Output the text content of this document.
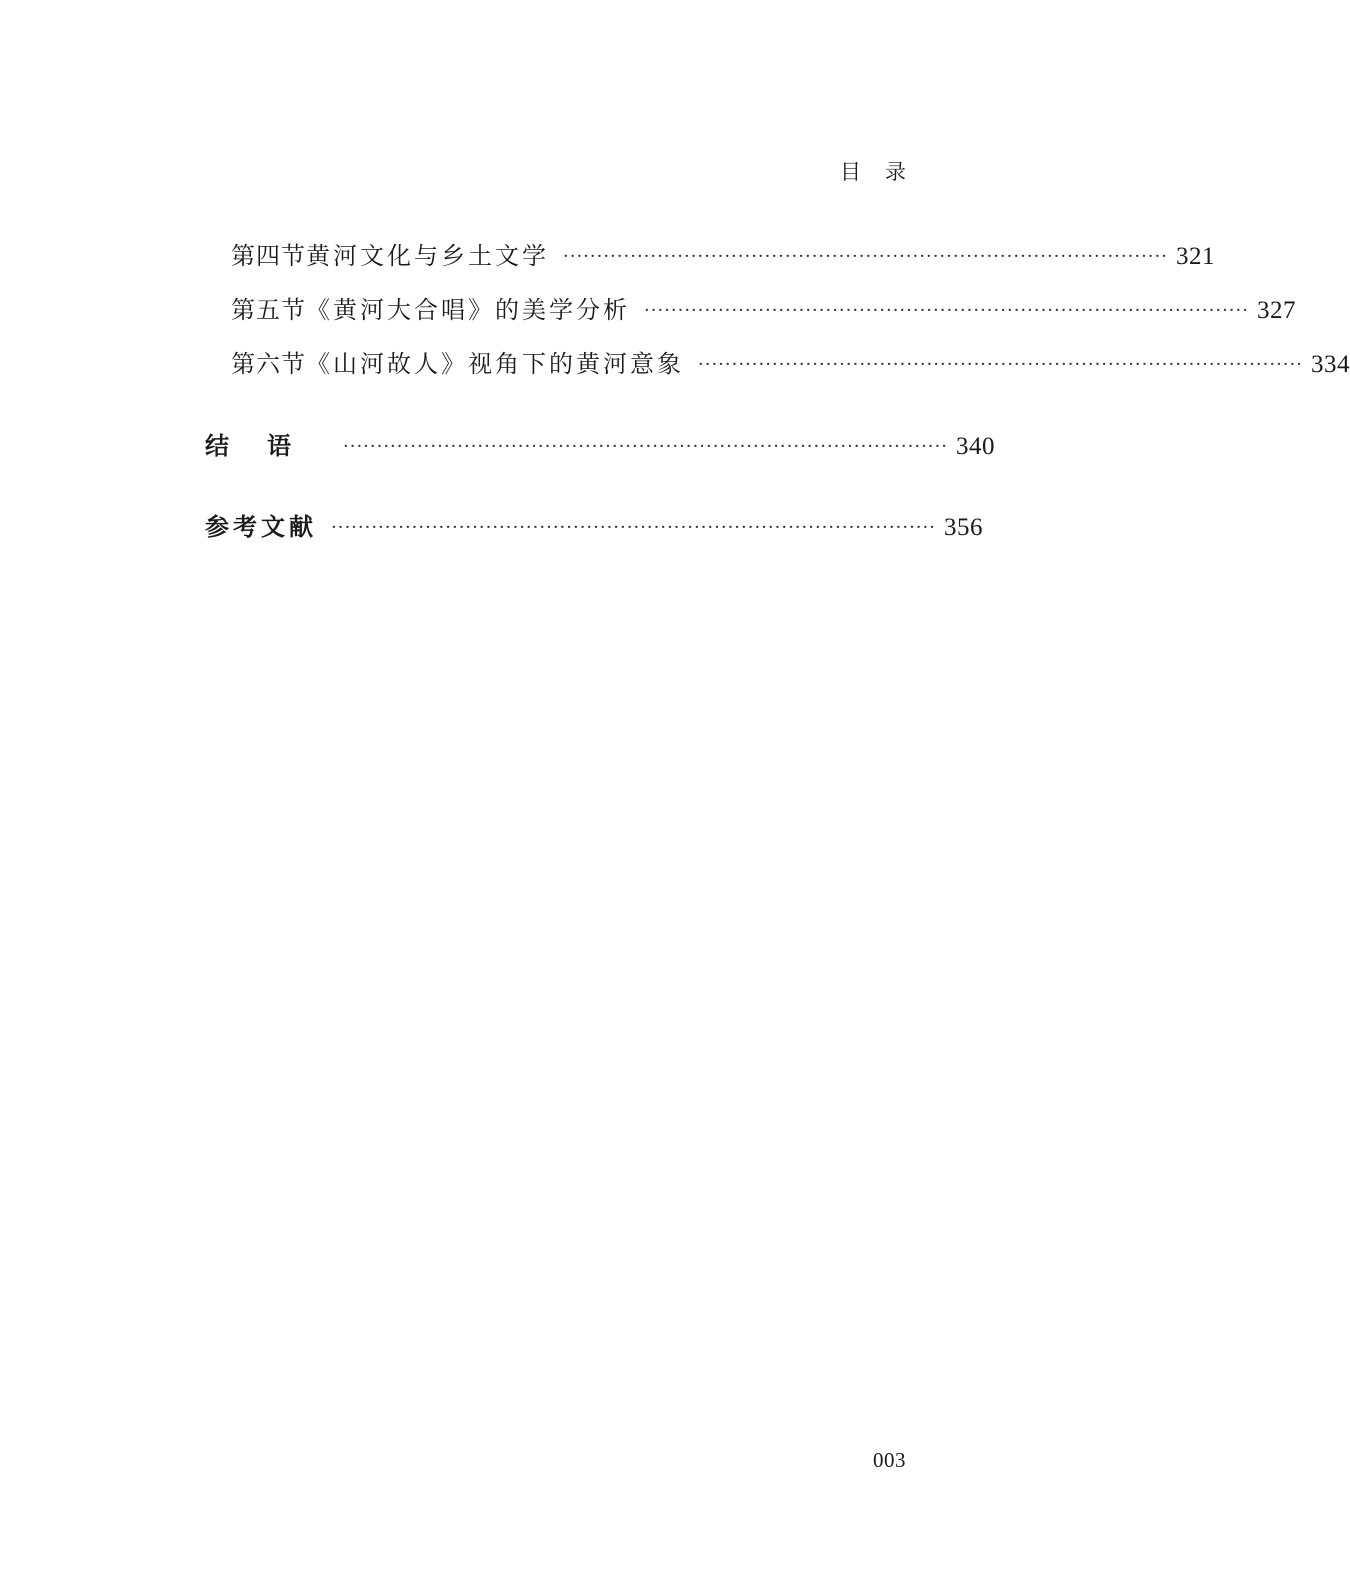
目录
第四节 黄河文化与乡土文学 ·························································································· 321
第五节 《黄河大合唱》的美学分析 ·························································································· 327
第六节 《山河故人》视角下的黄河意象 ·························································································· 334
结语 ·························································································· 340
参考文献 ·························································································· 356
003
